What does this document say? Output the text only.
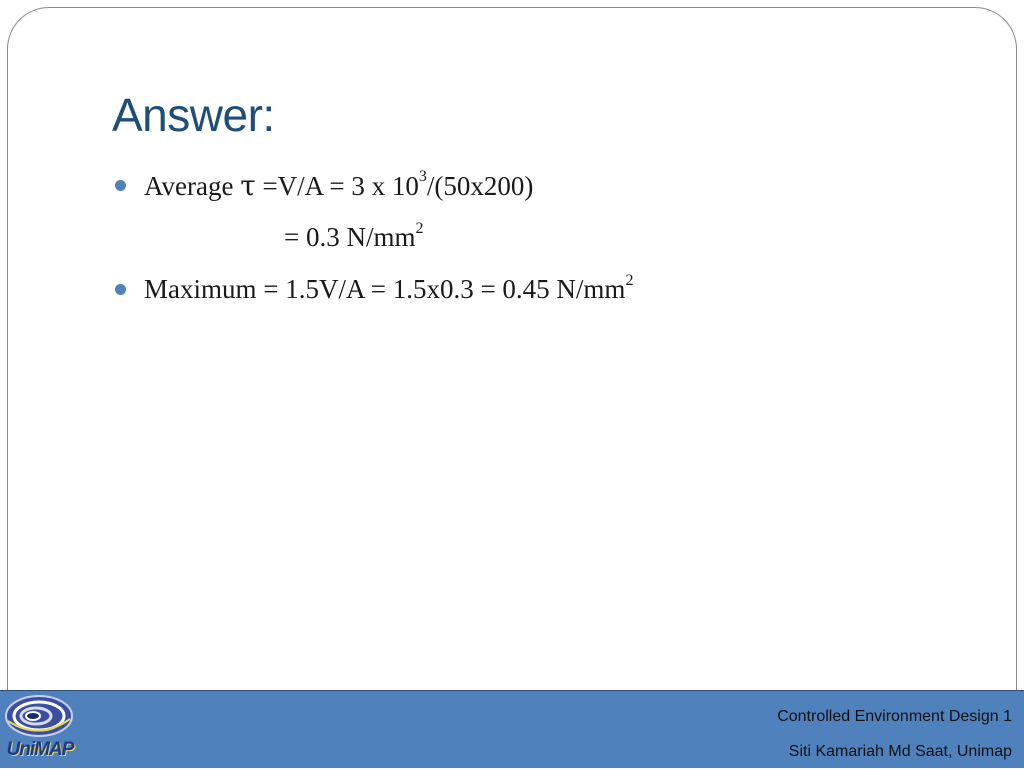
Answer:
Average τ =V/A = 3 x $10^3/(50x200)$
= 0.3 $N/mm^2$
Maximum = 1.5V/A = 1.5x0.3 = 0.45 $N/mm^2$
UniMAP
Controlled Environment Design 1
Siti Kamariah Md Saat, Unimap
